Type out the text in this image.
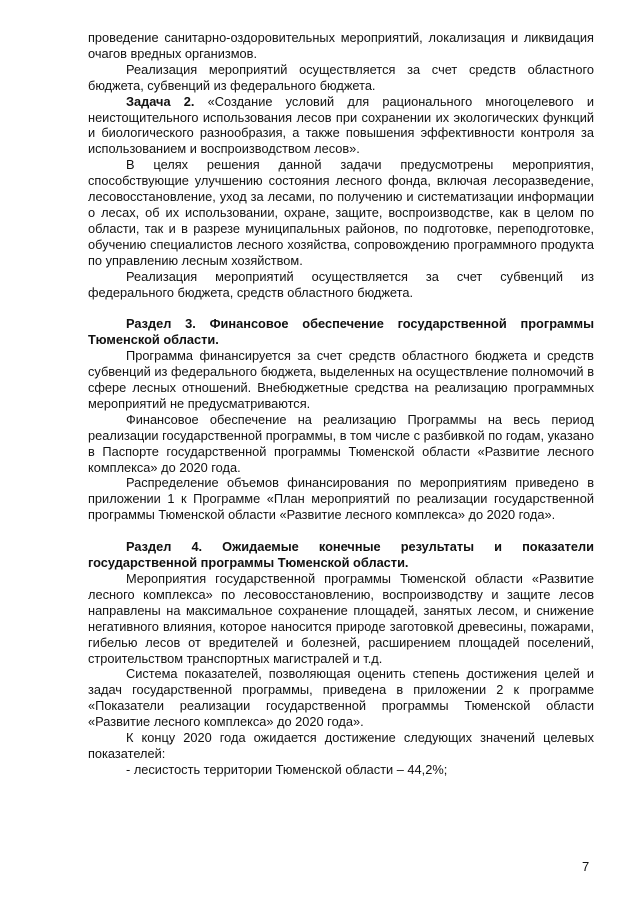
проведение санитарно-оздоровительных мероприятий, локализация и ликвидация очагов вредных организмов.

Реализация мероприятий осуществляется за счет средств областного бюджета, субвенций из федерального бюджета.

Задача 2. «Создание условий для рационального многоцелевого и неистощительного использования лесов при сохранении их экологических функций и биологического разнообразия, а также повышения эффективности контроля за использованием и воспроизводством лесов».

В целях решения данной задачи предусмотрены мероприятия, способствующие улучшению состояния лесного фонда, включая лесоразведение, лесовосстановление, уход за лесами, по получению и систематизации информации о лесах, об их использовании, охране, защите, воспроизводстве, как в целом по области, так и в разрезе муниципальных районов, по подготовке, переподготовке, обучению специалистов лесного хозяйства, сопровождению программного продукта по управлению лесным хозяйством.

Реализация мероприятий осуществляется за счет субвенций из федерального бюджета, средств областного бюджета.

Раздел 3. Финансовое обеспечение государственной программы Тюменской области.

Программа финансируется за счет средств областного бюджета и средств субвенций из федерального бюджета, выделенных на осуществление полномочий в сфере лесных отношений. Внебюджетные средства на реализацию программных мероприятий не предусматриваются.

Финансовое обеспечение на реализацию Программы на весь период реализации государственной программы, в том числе с разбивкой по годам, указано в Паспорте государственной программы Тюменской области «Развитие лесного комплекса» до 2020 года.

Распределение объемов финансирования по мероприятиям приведено в приложении 1 к Программе «План мероприятий по реализации государственной программы Тюменской области «Развитие лесного комплекса» до 2020 года».

Раздел 4. Ожидаемые конечные результаты и показатели государственной программы Тюменской области.

Мероприятия государственной программы Тюменской области «Развитие лесного комплекса» по лесовосстановлению, воспроизводству и защите лесов направлены на максимальное сохранение площадей, занятых лесом, и снижение негативного влияния, которое наносится природе заготовкой древесины, пожарами, гибелью лесов от вредителей и болезней, расширением площадей поселений, строительством транспортных магистралей и т.д.

Система показателей, позволяющая оценить степень достижения целей и задач государственной программы, приведена в приложении 2 к программе «Показатели реализации государственной программы Тюменской области «Развитие лесного комплекса» до 2020 года».

К концу 2020 года ожидается достижение следующих значений целевых показателей:

- лесистость территории Тюменской области – 44,2%;

7
